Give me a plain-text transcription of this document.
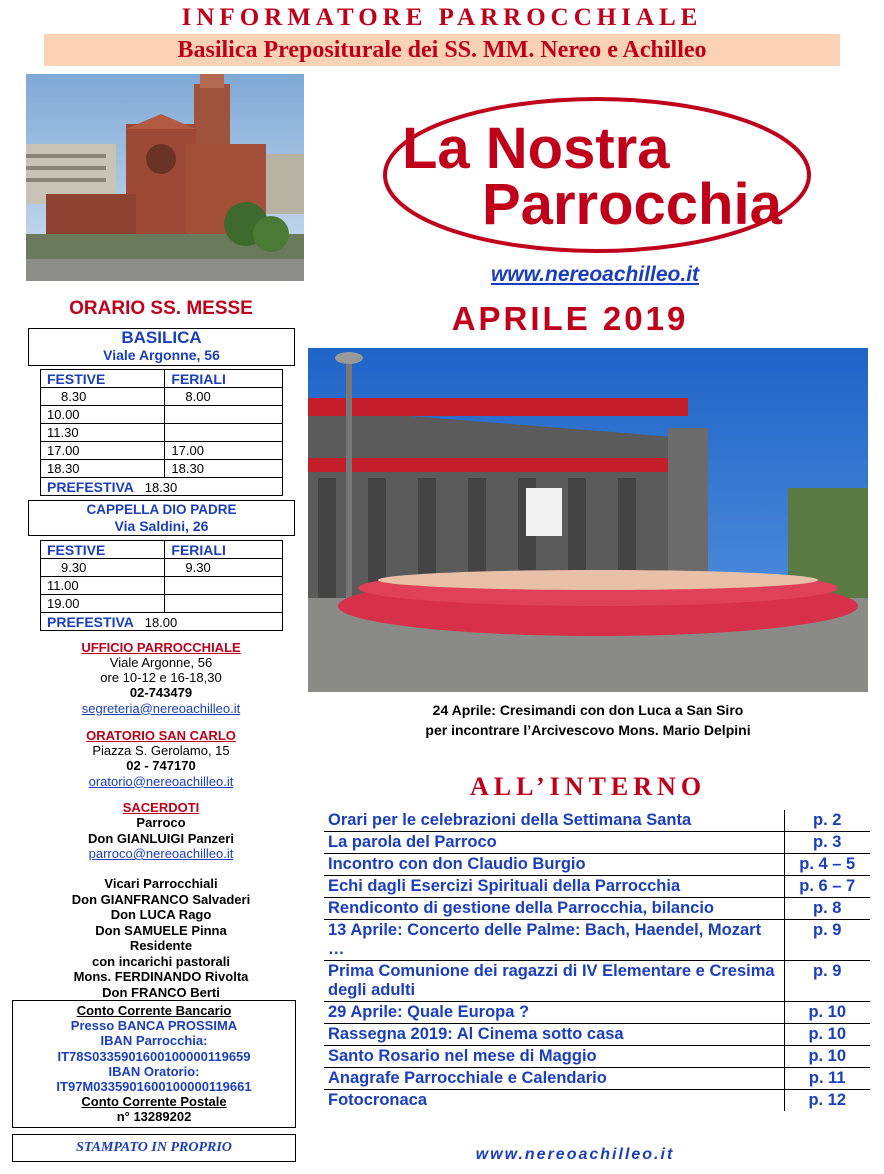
INFORMATORE PARROCCHIALE
Basilica Prepositurale dei SS. MM. Nereo e Achilleo
La Nostra
Parrocchia
www.nereoachilleo.it
APRILE 2019
24 Aprile: Cresimandi con don Luca a San Siro
per incontrare l’Arcivescovo Mons. Mario Delpini
ORARIO SS. MESSE
BASILICA
Viale Argonne, 56
FESTIVE	FERIALI
8.30	8.00
10.00	
11.30	
17.00	17.00
18.30	18.30
PREFESTIVA 18.30	
CAPPELLA DIO PADRE
Via Saldini, 26
FESTIVE	FERIALI
9.30	9.30
11.00	
19.00	
PREFESTIVA 18.00	
UFFICIO PARROCCHIALE
Viale Argonne, 56
ore 10-12 e 16-18,30
02-743479
segreteria@nereoachilleo.it
ORATORIO SAN CARLO
Piazza S. Gerolamo, 15
02 - 747170
oratorio@nereoachilleo.it
SACERDOTI
Parroco
Don GIANLUIGI Panzeri
parroco@nereoachilleo.it
Vicari Parrocchiali
Don GIANFRANCO Salvaderi
Don LUCA Rago
Don SAMUELE Pinna
Residente
con incarichi pastorali
Mons. FERDINANDO Rivolta
Don FRANCO Berti
Conto Corrente Bancario
Presso BANCA PROSSIMA
IBAN Parrocchia:
IT78S0335901600100000119659
IBAN Oratorio:
IT97M0335901600100000119661
Conto Corrente Postale
n° 13289202
STAMPATO IN PROPRIO
ALL’INTERNO
Orari per le celebrazioni della Settimana Santa	p. 2
La parola del Parroco	p. 3
Incontro con don Claudio Burgio	p. 4 – 5
Echi dagli Esercizi Spirituali della Parrocchia	p. 6 – 7
Rendiconto di gestione della Parrocchia, bilancio	p. 8
13 Aprile: Concerto delle Palme: Bach, Haendel, Mozart …	p. 9
Prima Comunione dei ragazzi di IV Elementare e Cresima degli adulti	p. 9
29 Aprile: Quale Europa ?	p. 10
Rassegna 2019: Al Cinema sotto casa	p. 10
Santo Rosario nel mese di Maggio	p. 10
Anagrafe Parrocchiale e Calendario	p. 11
Fotocronaca	p. 12
www.nereoachilleo.it
